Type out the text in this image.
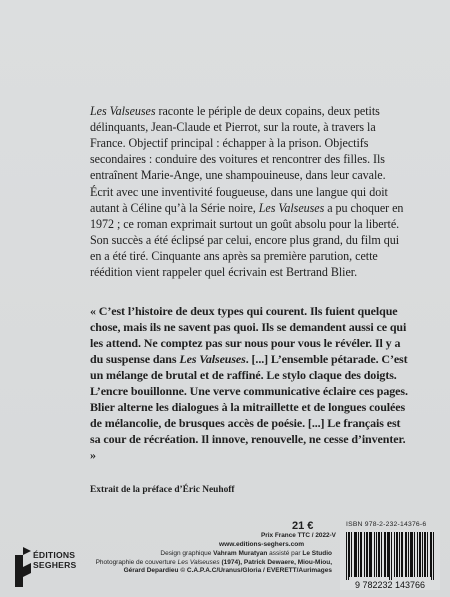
Les Valseuses raconte le périple de deux copains, deux petits délinquants, Jean-Claude et Pierrot, sur la route, à travers la France. Objectif principal : échapper à la prison. Objectifs secondaires : conduire des voitures et rencontrer des filles. Ils entraînent Marie-Ange, une shampouineuse, dans leur cavale.

Écrit avec une inventivité fougueuse, dans une langue qui doit autant à Céline qu’à la Série noire, Les Valseuses a pu choquer en 1972 ; ce roman exprimait surtout un goût absolu pour la liberté. Son succès a été éclipsé par celui, encore plus grand, du film qui en a été tiré. Cinquante ans après sa première parution, cette réédition vient rappeler quel écrivain est Bertrand Blier.

« C’est l’histoire de deux types qui courent. Ils fuient quelque chose, mais ils ne savent pas quoi. Ils se demandent aussi ce qui les attend. Ne comptez pas sur nous pour vous le révéler. Il y a du suspense dans Les Valseuses. [...] L’ensemble pétarade. C’est un mélange de brutal et de raffiné. Le stylo claque des doigts. L’encre bouillonne. Une verve communicative éclaire ces pages. Blier alterne les dialogues à la mitraillette et de longues coulées de mélancolie, de brusques accès de poésie. [...] Le français est sa cour de récréation. Il innove, renouvelle, ne cesse d’inventer. »

Extrait de la préface d’Éric Neuhoff
ÉDITIONS
SEGHERS
21 €
Prix France TTC / 2022-V
www.editions-seghers.com
Design graphique Vahram Muratyan assisté par Le Studio
Photographie de couverture Les Valseuses (1974), Patrick Dewaere, Miou-Miou,
Gérard Depardieu © C.A.P.A.C/Uranus/Gloria / EVERETT/Aurimages
ISBN 978-2-232-14376-6
9 782232 143766
